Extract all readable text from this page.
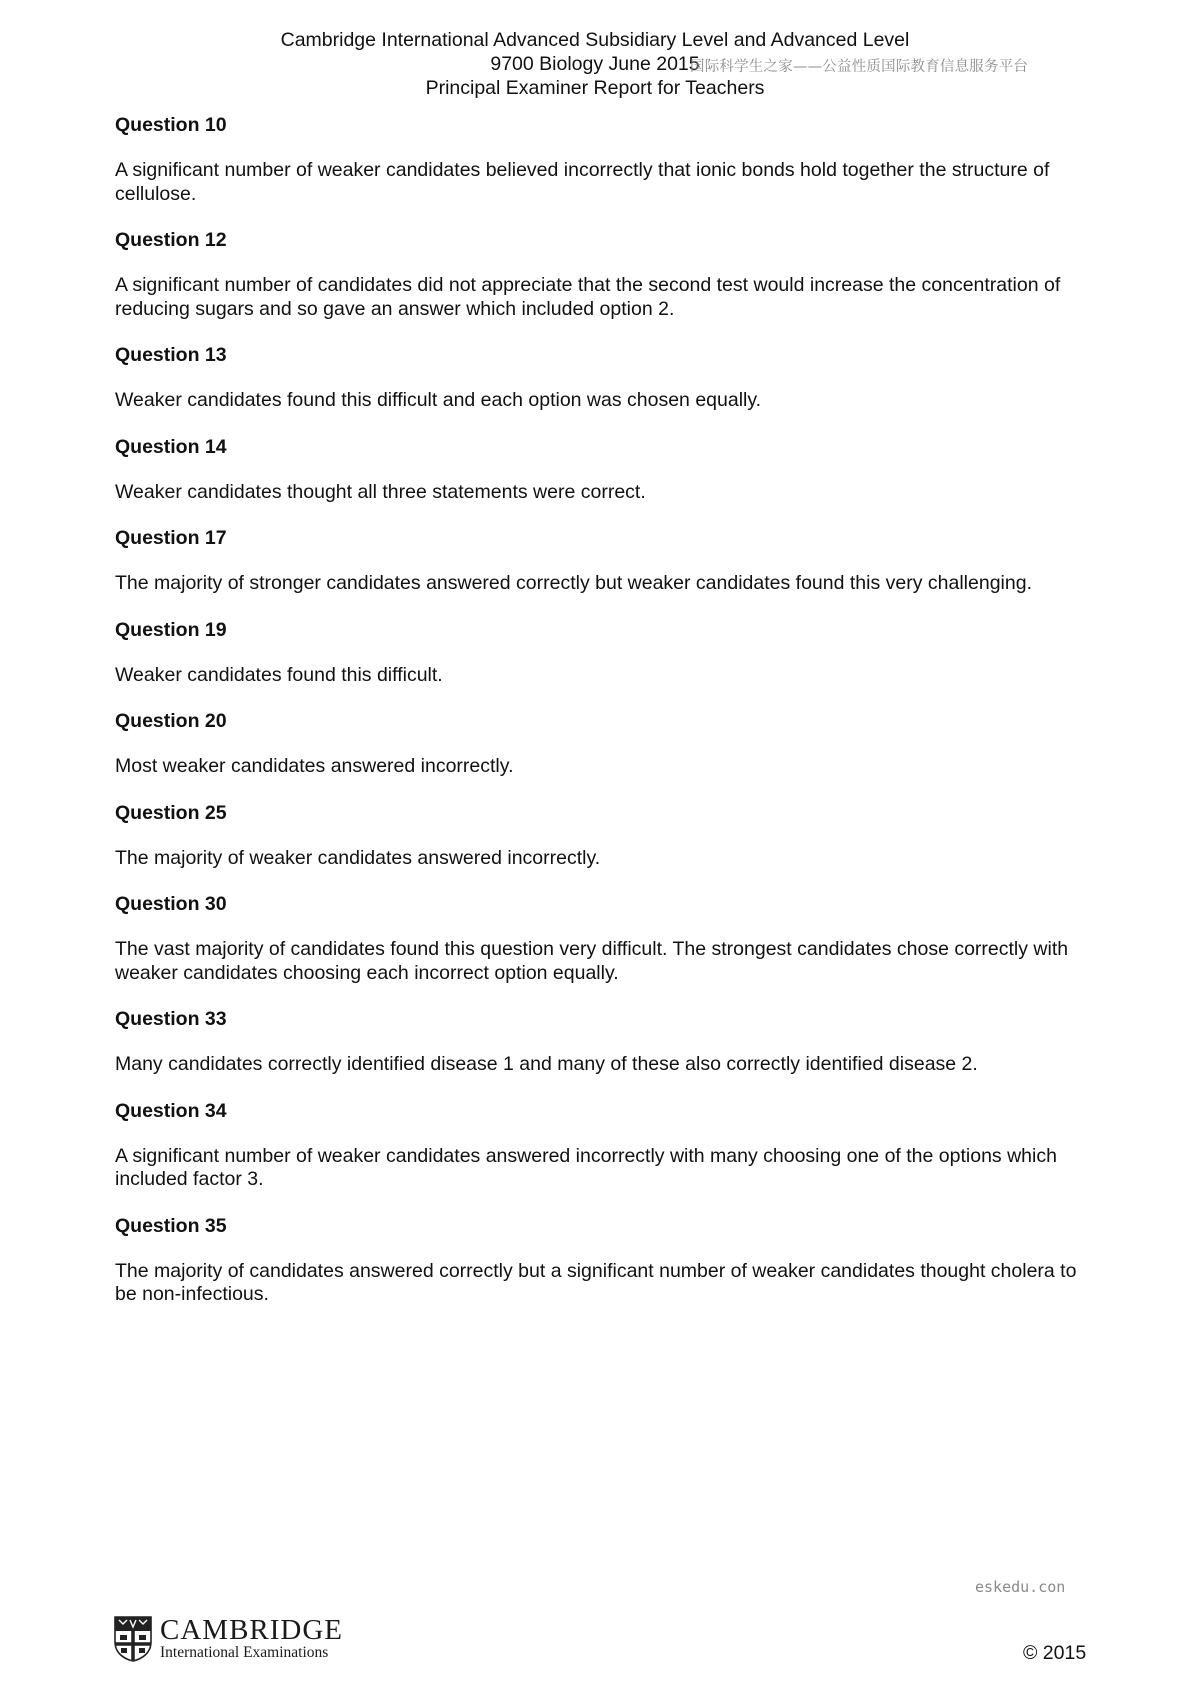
Cambridge International Advanced Subsidiary Level and Advanced Level
9700 Biology June 2015
Principal Examiner Report for Teachers
国际科学生之家——公益性质国际教育信息服务平台

Question 10

A significant number of weaker candidates believed incorrectly that ionic bonds hold together the structure of cellulose.

Question 12

A significant number of candidates did not appreciate that the second test would increase the concentration of reducing sugars and so gave an answer which included option 2.

Question 13

Weaker candidates found this difficult and each option was chosen equally.

Question 14

Weaker candidates thought all three statements were correct.

Question 17

The majority of stronger candidates answered correctly but weaker candidates found this very challenging.

Question 19

Weaker candidates found this difficult.

Question 20

Most weaker candidates answered incorrectly.

Question 25

The majority of weaker candidates answered incorrectly.

Question 30

The vast majority of candidates found this question very difficult. The strongest candidates chose correctly with weaker candidates choosing each incorrect option equally.

Question 33

Many candidates correctly identified disease 1 and many of these also correctly identified disease 2.

Question 34

A significant number of weaker candidates answered incorrectly with many choosing one of the options which included factor 3.

Question 35

The majority of candidates answered correctly but a significant number of weaker candidates thought cholera to be non-infectious.

eskedu.con
CAMBRIDGE
International Examinations	© 2015
